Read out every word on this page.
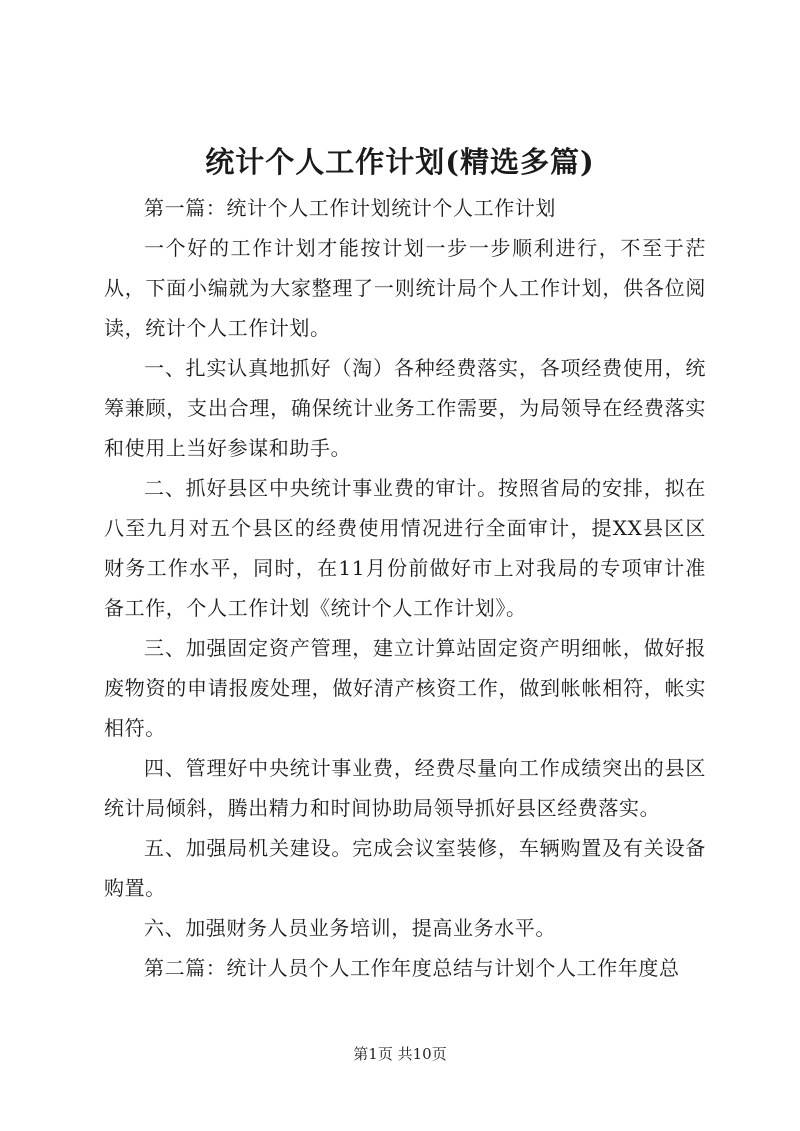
统计个人工作计划(精选多篇)

第一篇：统计个人工作计划统计个人工作计划

一个好的工作计划才能按计划一步一步顺利进行，不至于茫从，下面小编就为大家整理了一则统计局个人工作计划，供各位阅读，统计个人工作计划。

一、扎实认真地抓好（淘）各种经费落实，各项经费使用，统筹兼顾，支出合理，确保统计业务工作需要，为局领导在经费落实和使用上当好参谋和助手。

二、抓好县区中央统计事业费的审计。按照省局的安排，拟在八至九月对五个县区的经费使用情况进行全面审计，提XX县区区财务工作水平，同时，在11月份前做好市上对我局的专项审计准备工作，个人工作计划《统计个人工作计划》。

三、加强固定资产管理，建立计算站固定资产明细帐，做好报废物资的申请报废处理，做好清产核资工作，做到帐帐相符，帐实相符。

四、管理好中央统计事业费，经费尽量向工作成绩突出的县区统计局倾斜，腾出精力和时间协助局领导抓好县区经费落实。

五、加强局机关建设。完成会议室装修，车辆购置及有关设备购置。

六、加强财务人员业务培训，提高业务水平。

第二篇：统计人员个人工作年度总结与计划个人工作年度总

第1页 共10页
